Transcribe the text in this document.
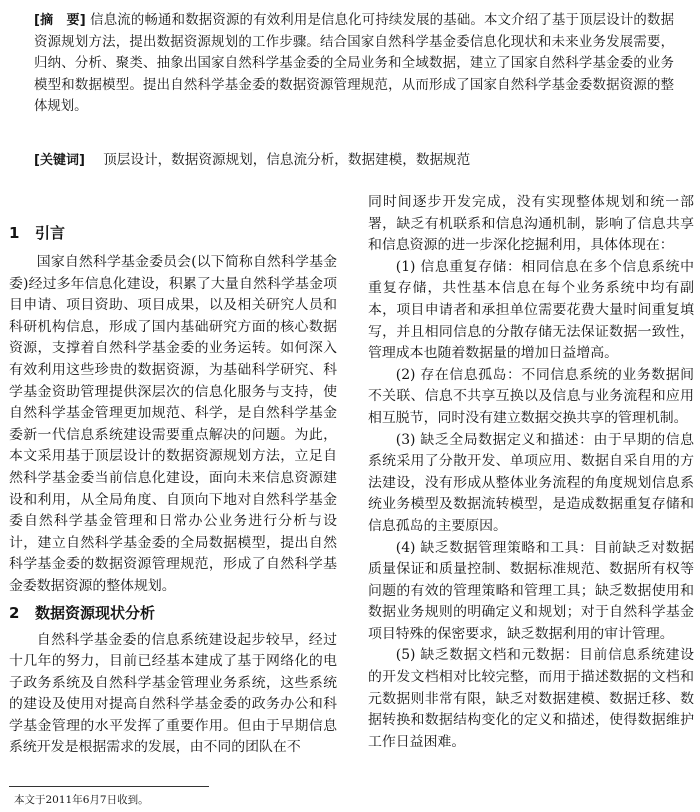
[摘　要] 信息流的畅通和数据资源的有效利用是信息化可持续发展的基础。本文介绍了基于顶层设计的数据资源规划方法，提出数据资源规划的工作步骤。结合国家自然科学基金委信息化现状和未来业务发展需要，归纳、分析、聚类、抽象出国家自然科学基金委的全局业务和全域数据，建立了国家自然科学基金委的业务模型和数据模型。提出自然科学基金委的数据资源管理规范，从而形成了国家自然科学基金委数据资源的整体规划。
[关键词] 顶层设计，数据资源规划，信息流分析，数据建模，数据规范
1 引言

国家自然科学基金委员会(以下简称自然科学基金委)经过多年信息化建设，积累了大量自然科学基金项目申请、项目资助、项目成果，以及相关研究人员和科研机构信息，形成了国内基础研究方面的核心数据资源，支撑着自然科学基金委的业务运转。如何深入有效利用这些珍贵的数据资源，为基础科学研究、科学基金资助管理提供深层次的信息化服务与支持，使自然科学基金管理更加规范、科学，是自然科学基金委新一代信息系统建设需要重点解决的问题。为此，本文采用基于顶层设计的数据资源规划方法，立足自然科学基金委当前信息化建设，面向未来信息资源建设和利用，从全局角度、自顶向下地对自然科学基金委自然科学基金管理和日常办公业务进行分析与设计，建立自然科学基金委的全局数据模型，提出自然科学基金委的数据资源管理规范，形成了自然科学基金委数据资源的整体规划。

2 数据资源现状分析

自然科学基金委的信息系统建设起步较早，经过十几年的努力，目前已经基本建成了基于网络化的电子政务系统及自然科学基金管理业务系统，这些系统的建设及使用对提高自然科学基金委的政务办公和科学基金管理的水平发挥了重要作用。但由于早期信息系统开发是根据需求的发展，由不同的团队在不

同时间逐步开发完成，没有实现整体规划和统一部署，缺乏有机联系和信息沟通机制，影响了信息共享和信息资源的进一步深化挖掘利用，具体体现在：

(1) 信息重复存储：相同信息在多个信息系统中重复存储，共性基本信息在每个业务系统中均有副本，项目申请者和承担单位需要花费大量时间重复填写，并且相同信息的分散存储无法保证数据一致性，管理成本也随着数据量的增加日益增高。

(2) 存在信息孤岛：不同信息系统的业务数据间不关联、信息不共享互换以及信息与业务流程和应用相互脱节，同时没有建立数据交换共享的管理机制。

(3) 缺乏全局数据定义和描述：由于早期的信息系统采用了分散开发、单项应用、数据自采自用的方法建设，没有形成从整体业务流程的角度规划信息系统业务模型及数据流转模型，是造成数据重复存储和信息孤岛的主要原因。

(4) 缺乏数据管理策略和工具：目前缺乏对数据质量保证和质量控制、数据标准规范、数据所有权等问题的有效的管理策略和管理工具；缺乏数据使用和数据业务规则的明确定义和规划；对于自然科学基金项目特殊的保密要求，缺乏数据利用的审计管理。

(5) 缺乏数据文档和元数据：目前信息系统建设的开发文档相对比较完整，而用于描述数据的文档和元数据则非常有限，缺乏对数据建模、数据迁移、数据转换和数据结构变化的定义和描述，使得数据维护工作日益困难。

本文于2011年6月7日收到。
